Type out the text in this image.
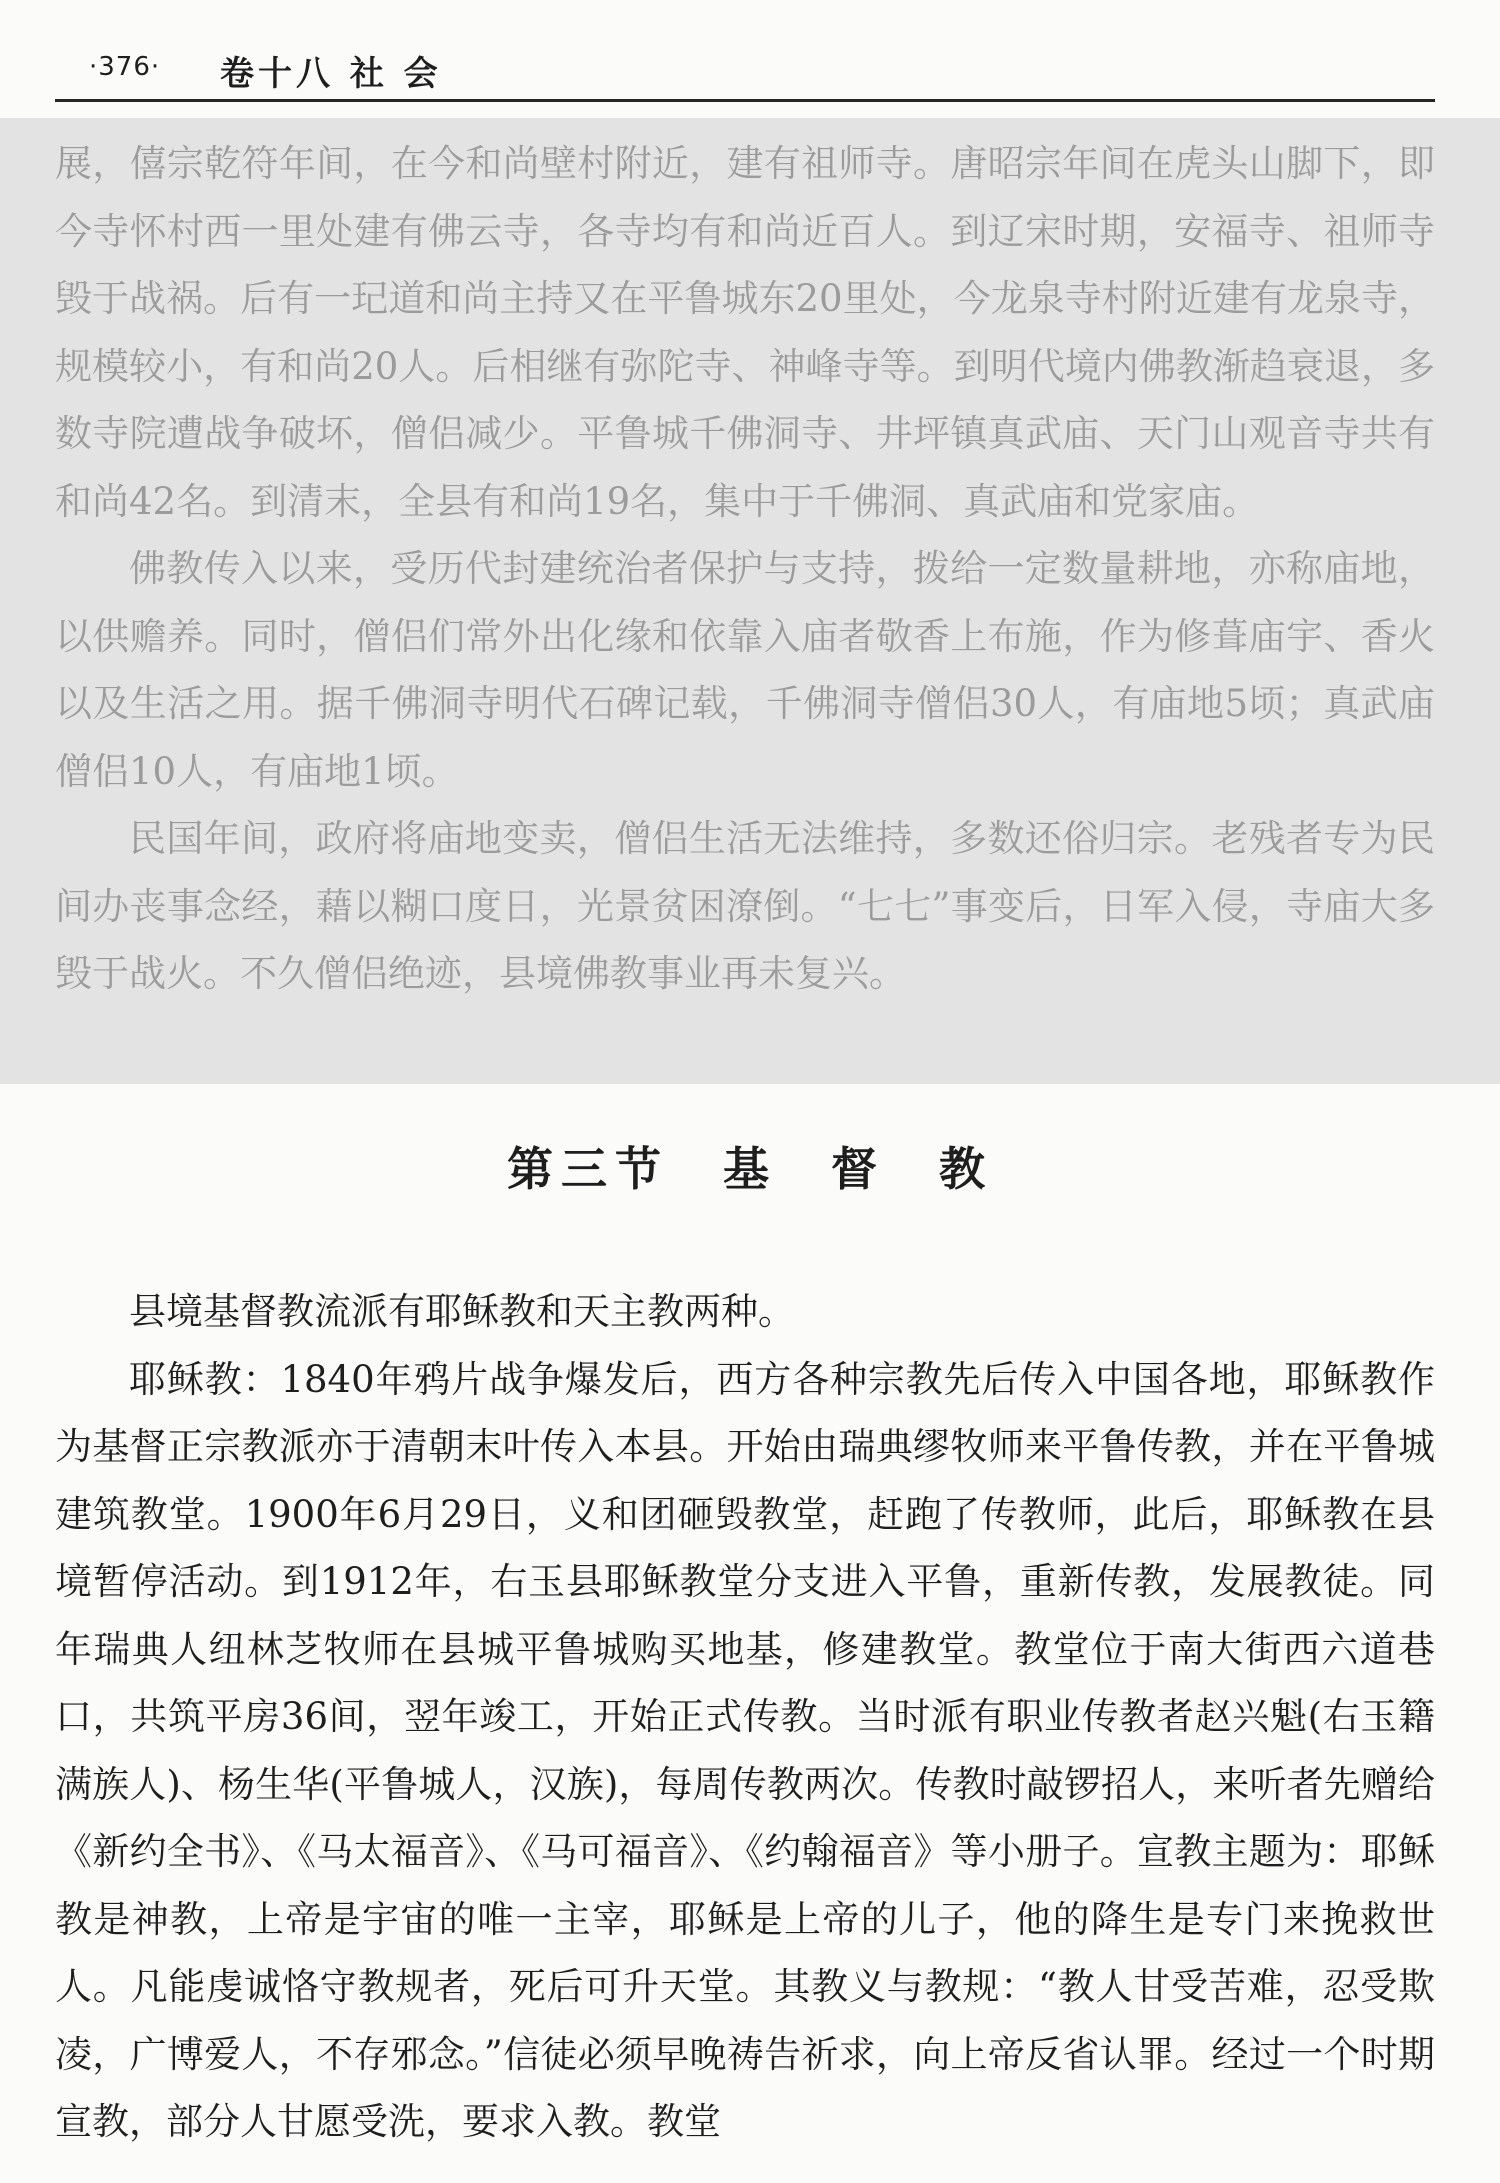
·376· 卷十八 社 会

展，僖宗乾符年间，在今和尚壁村附近，建有祖师寺。唐昭宗年间在虎头山脚下，即今寺怀村西一里处建有佛云寺，各寺均有和尚近百人。到辽宋时期，安福寺、祖师寺毁于战祸。后有一玘道和尚主持又在平鲁城东20里处，今龙泉寺村附近建有龙泉寺，规模较小，有和尚20人。后相继有弥陀寺、神峰寺等。到明代境内佛教渐趋衰退，多数寺院遭战争破坏，僧侣减少。平鲁城千佛洞寺、井坪镇真武庙、天门山观音寺共有和尚42名。到清末，全县有和尚19名，集中于千佛洞、真武庙和党家庙。

佛教传入以来，受历代封建统治者保护与支持，拨给一定数量耕地，亦称庙地，以供赡养。同时，僧侣们常外出化缘和依靠入庙者敬香上布施，作为修葺庙宇、香火以及生活之用。据千佛洞寺明代石碑记载，千佛洞寺僧侣30人，有庙地5顷；真武庙僧侣10人，有庙地1顷。

民国年间，政府将庙地变卖，僧侣生活无法维持，多数还俗归宗。老残者专为民间办丧事念经，藉以糊口度日，光景贫困潦倒。“七七”事变后，日军入侵，寺庙大多毁于战火。不久僧侣绝迹，县境佛教事业再未复兴。

第三节　基　督　教

县境基督教流派有耶稣教和天主教两种。

耶稣教：1840年鸦片战争爆发后，西方各种宗教先后传入中国各地，耶稣教作为基督正宗教派亦于清朝末叶传入本县。开始由瑞典缪牧师来平鲁传教，并在平鲁城建筑教堂。1900年6月29日，义和团砸毁教堂，赶跑了传教师，此后，耶稣教在县境暂停活动。到1912年，右玉县耶稣教堂分支进入平鲁，重新传教，发展教徒。同年瑞典人纽林芝牧师在县城平鲁城购买地基，修建教堂。教堂位于南大街西六道巷口，共筑平房36间，翌年竣工，开始正式传教。当时派有职业传教者赵兴魁(右玉籍满族人)、杨生华(平鲁城人，汉族)，每周传教两次。传教时敲锣招人，来听者先赠给《新约全书》、《马太福音》、《马可福音》、《约翰福音》等小册子。宣教主题为：耶稣教是神教，上帝是宇宙的唯一主宰，耶稣是上帝的儿子，他的降生是专门来挽救世人。凡能虔诚恪守教规者，死后可升天堂。其教义与教规：“教人甘受苦难，忍受欺凌，广博爱人，不存邪念。”信徒必须早晚祷告祈求，向上帝反省认罪。经过一个时期宣教，部分人甘愿受洗，要求入教。教堂
